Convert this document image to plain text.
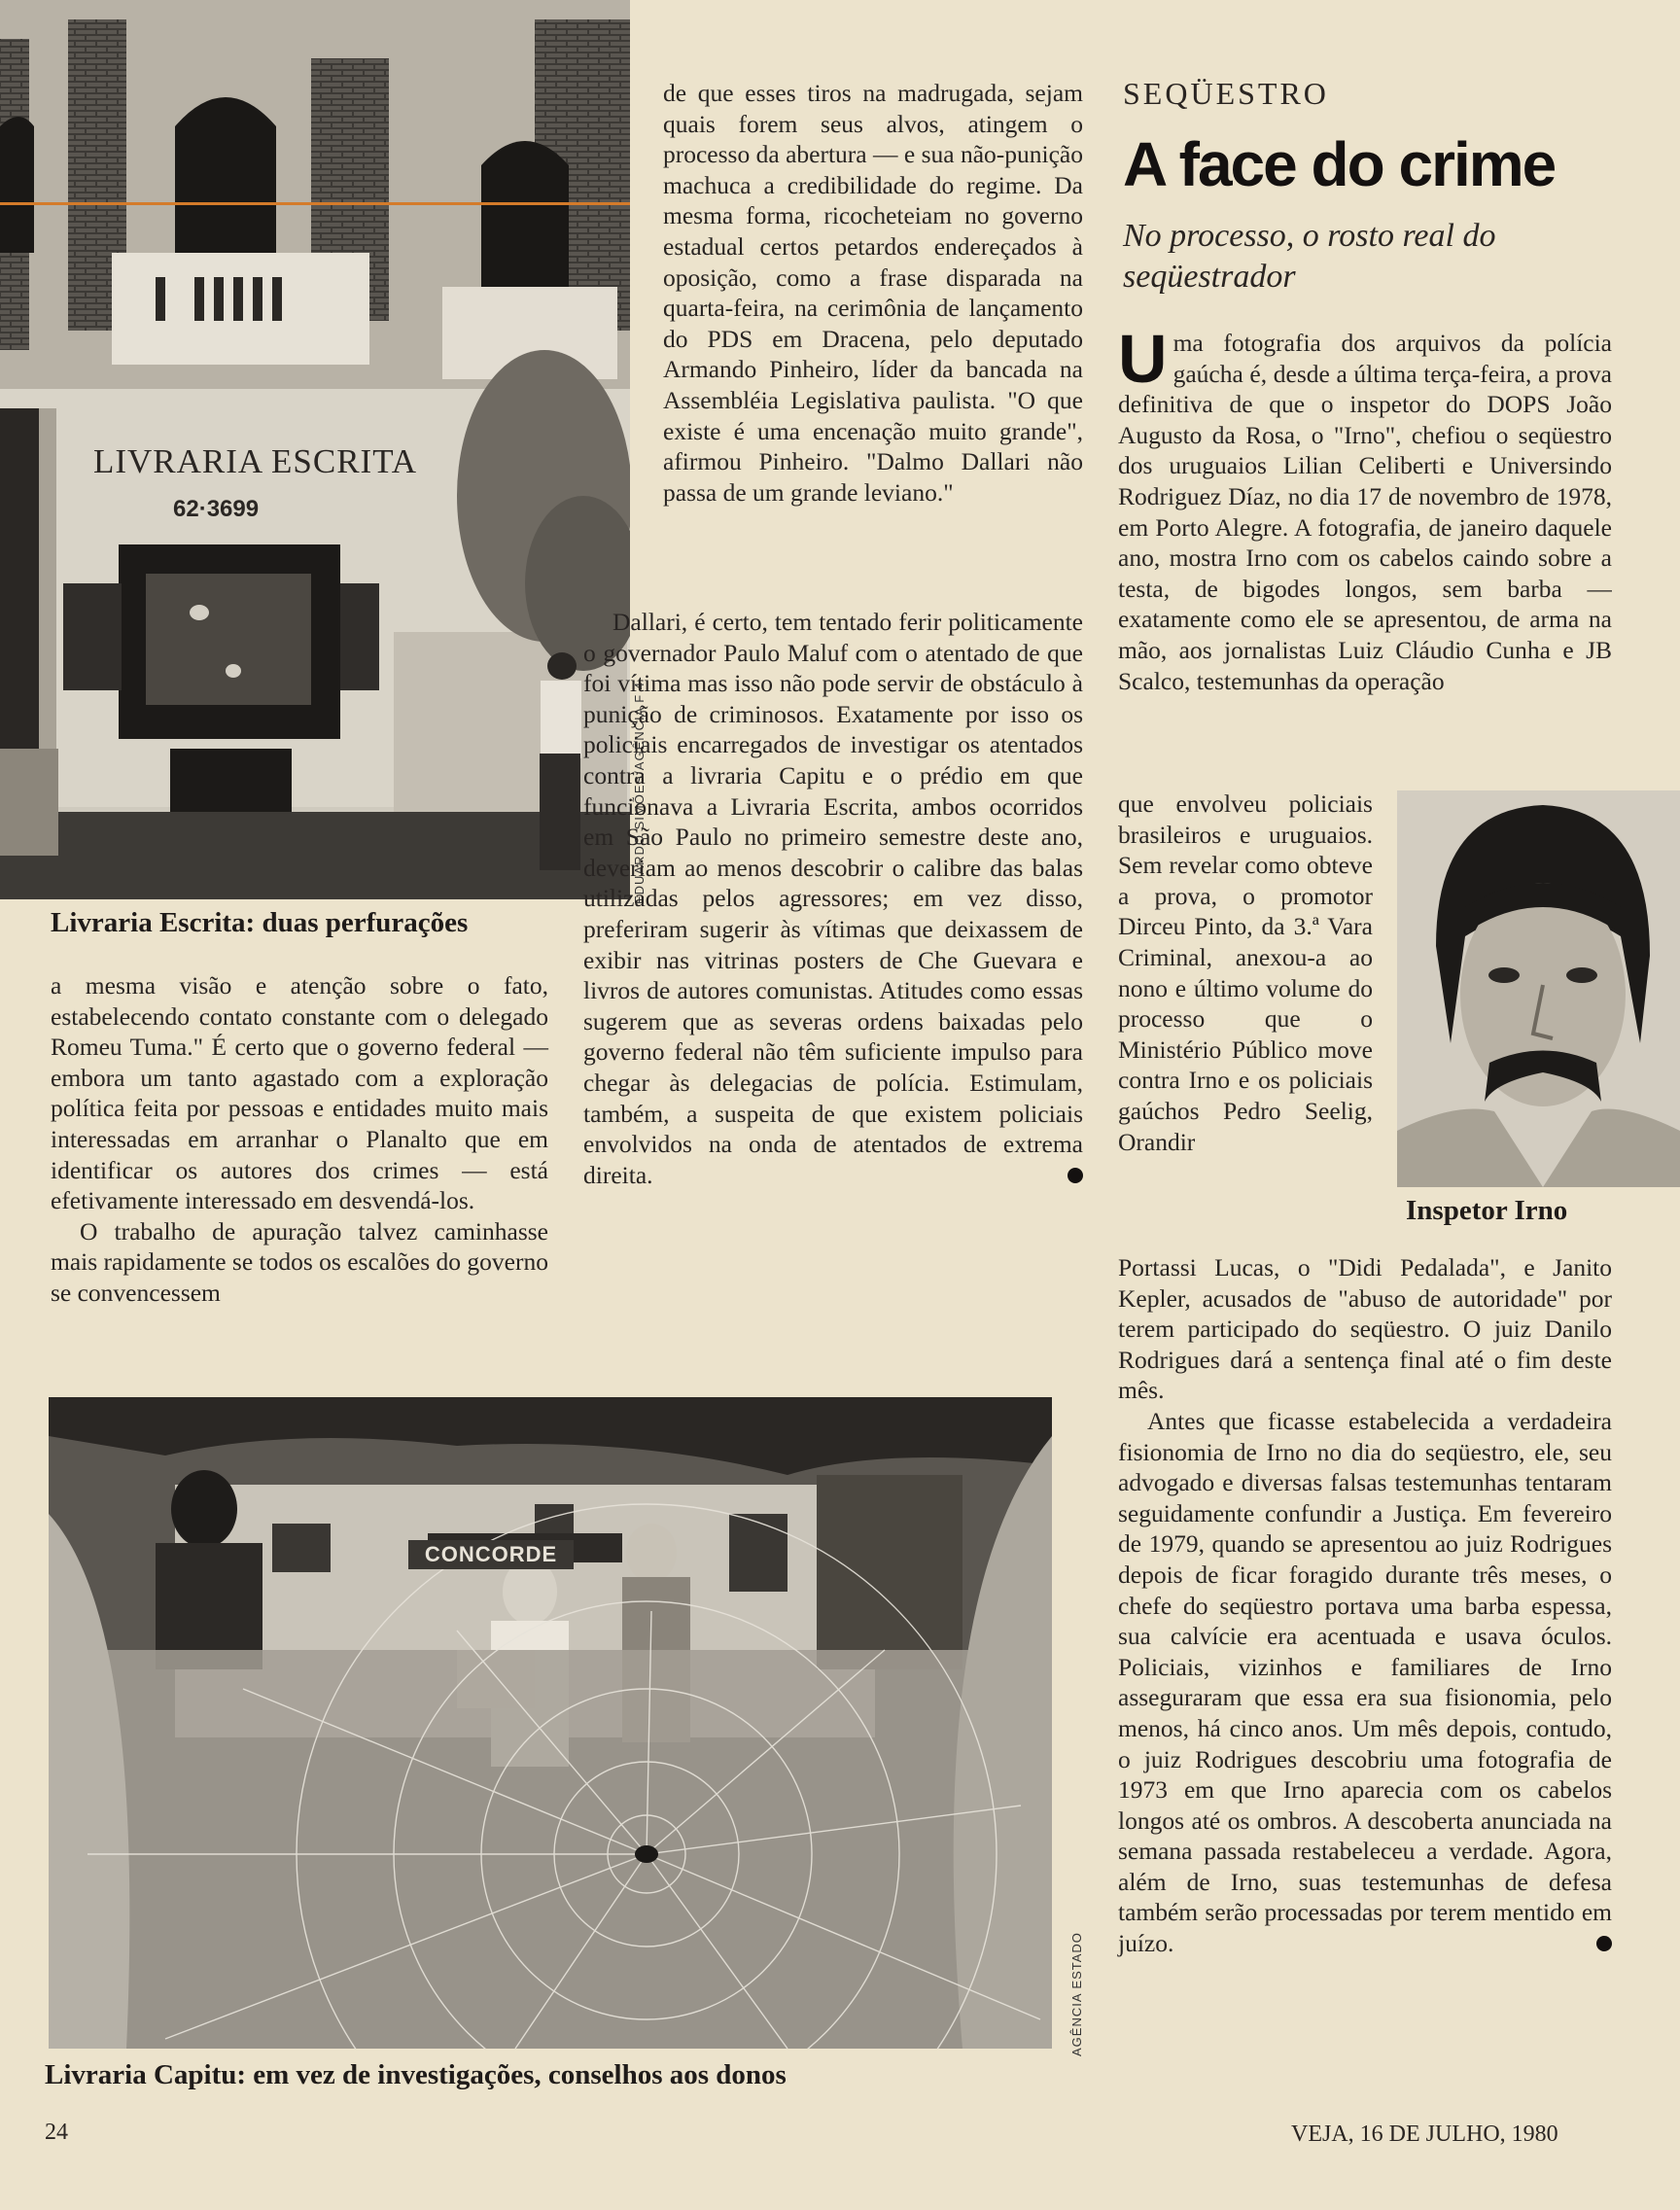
LIVRARIA ESCRITA
62·3699
EDUARDO SIMÕES/AGÊNCIA F 4
Livraria Escrita: duas perfurações

a mesma visão e atenção sobre o fato, estabelecendo contato constante com o delegado Romeu Tuma." É certo que o governo federal — embora um tanto agastado com a exploração política feita por pessoas e entidades muito mais interessadas em arranhar o Planalto que em identificar os autores dos crimes — está efetivamente interessado em desvendá-los.

O trabalho de apuração talvez caminhasse mais rapidamente se todos os escalões do governo se convencessem

de que esses tiros na madrugada, sejam quais forem seus alvos, atingem o processo da abertura — e sua não-punição machuca a credibilidade do regime. Da mesma forma, ricocheteiam no governo estadual certos petardos endereçados à oposição, como a frase disparada na quarta-feira, na cerimônia de lançamento do PDS em Dracena, pelo deputado Armando Pinheiro, líder da bancada na Assembléia Legislativa paulista. "O que existe é uma encenação muito grande", afirmou Pinheiro. "Dalmo Dallari não passa de um grande leviano."

Dallari, é certo, tem tentado ferir politicamente o governador Paulo Maluf com o atentado de que foi vítima mas isso não pode servir de obstáculo à punição de criminosos. Exatamente por isso os policiais encarregados de investigar os atentados contra a livraria Capitu e o prédio em que funcionava a Livraria Escrita, ambos ocorridos em São Paulo no primeiro semestre deste ano, deveriam ao menos descobrir o calibre das balas utilizadas pelos agressores; em vez disso, preferiram sugerir às vítimas que deixassem de exibir nas vitrinas posters de Che Guevara e livros de autores comunistas. Atitudes como essas sugerem que as severas ordens baixadas pelo governo federal não têm suficiente impulso para chegar às delegacias de polícia. Estimulam, também, a suspeita de que existem policiais envolvidos na onda de atentados de extrema direita.

CONCORDE
AGÊNCIA ESTADO
Livraria Capitu: em vez de investigações, conselhos aos donos
SEQÜESTRO
A face do crime
No processo, o rosto real do seqüestrador
U ma fotografia dos arquivos da polícia gaúcha é, desde a última terça-feira, a prova definitiva de que o inspetor do DOPS João Augusto da Rosa, o "Irno", chefiou o seqüestro dos uruguaios Lilian Celiberti e Universindo Rodriguez Díaz, no dia 17 de novembro de 1978, em Porto Alegre. A fotografia, de janeiro daquele ano, mostra Irno com os cabelos caindo sobre a testa, de bigodes longos, sem barba — exatamente como ele se apresentou, de arma na mão, aos jornalistas Luiz Cláudio Cunha e JB Scalco, testemunhas da operação
que envolveu policiais brasileiros e uruguaios. Sem revelar como obteve a prova, o promotor Dirceu Pinto, da 3.ª Vara Criminal, anexou-a ao nono e último volume do processo que o Ministério Público move contra Irno e os policiais gaúchos Pedro Seelig, Orandir
Inspetor Irno

Portassi Lucas, o "Didi Pedalada", e Janito Kepler, acusados de "abuso de autoridade" por terem participado do seqüestro. O juiz Danilo Rodrigues dará a sentença final até o fim deste mês.

Antes que ficasse estabelecida a verdadeira fisionomia de Irno no dia do seqüestro, ele, seu advogado e diversas falsas testemunhas tentaram seguidamente confundir a Justiça. Em fevereiro de 1979, quando se apresentou ao juiz Rodrigues depois de ficar foragido durante três meses, o chefe do seqüestro portava uma barba espessa, sua calvície era acentuada e usava óculos. Policiais, vizinhos e familiares de Irno asseguraram que essa era sua fisionomia, pelo menos, há cinco anos. Um mês depois, contudo, o juiz Rodrigues descobriu uma fotografia de 1973 em que Irno aparecia com os cabelos longos até os ombros. A descoberta anunciada na semana passada restabeleceu a verdade. Agora, além de Irno, suas testemunhas de defesa também serão processadas por terem mentido em juízo.

24	VEJA, 16 DE JULHO, 1980
